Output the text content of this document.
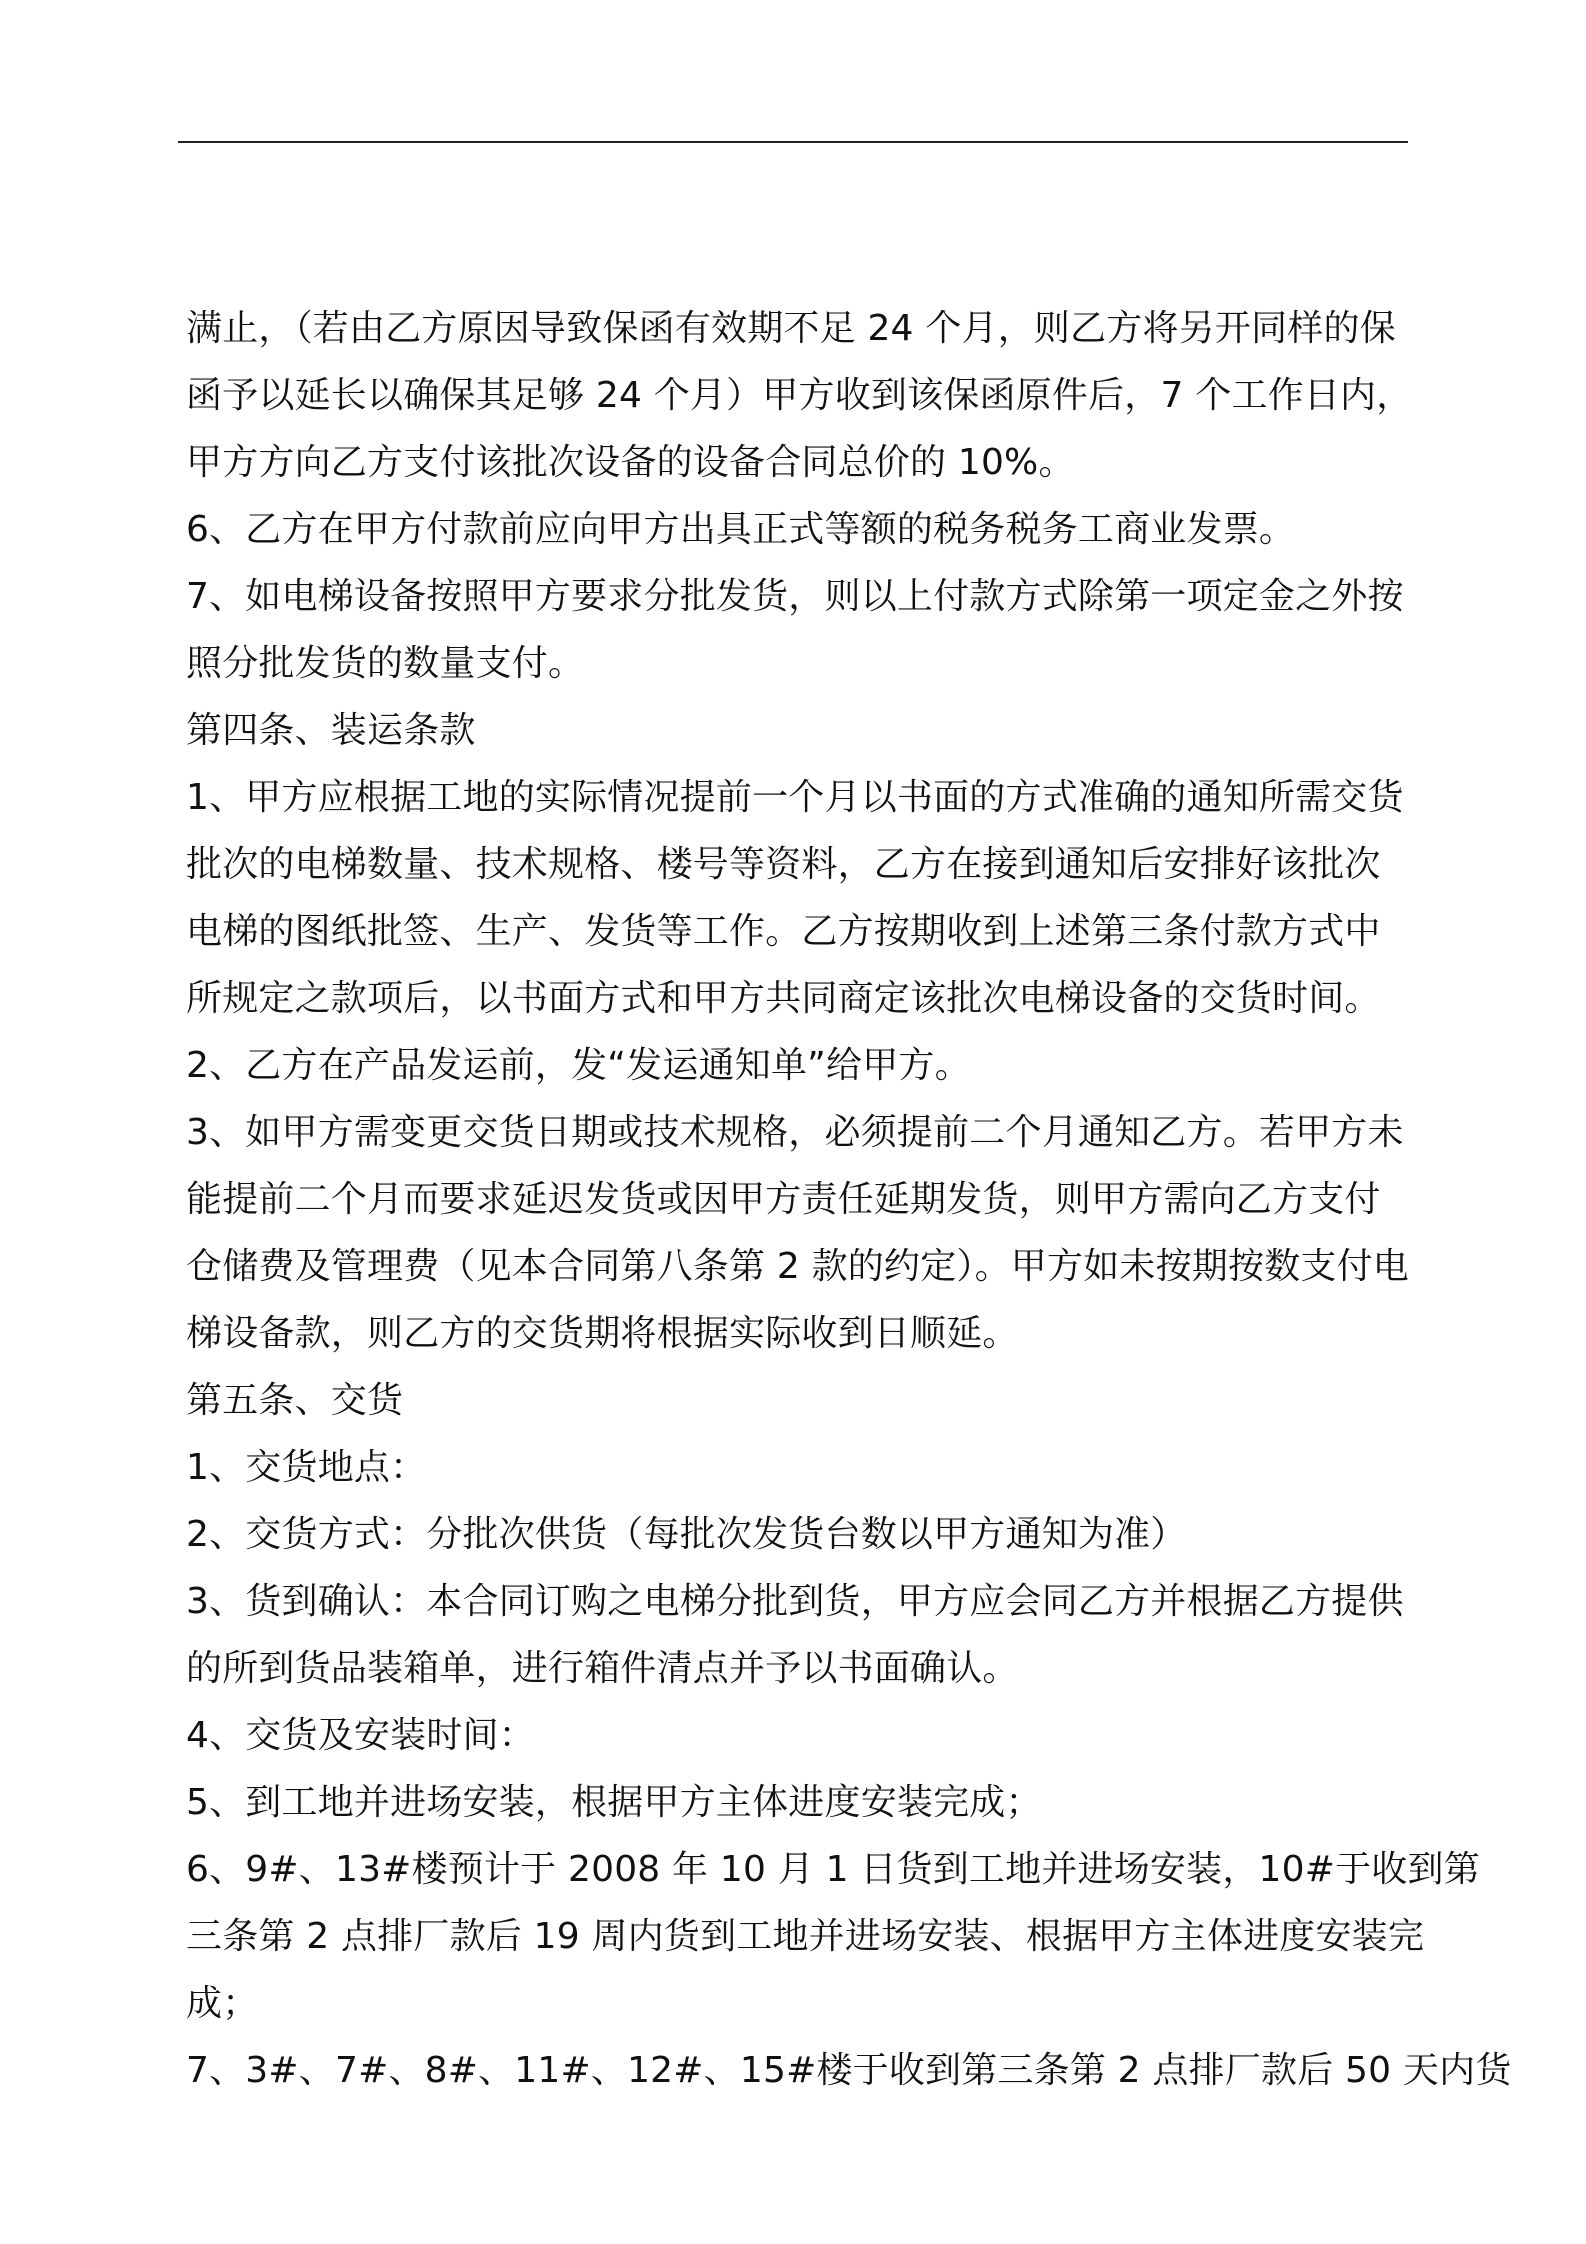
满止，（若由乙方原因导致保函有效期不足 24 个月，则乙方将另开同样的保
函予以延长以确保其足够 24 个月）甲方收到该保函原件后，7 个工作日内，
甲方方向乙方支付该批次设备的设备合同总价的 10%。
6、乙方在甲方付款前应向甲方出具正式等额的税务税务工商业发票。
7、如电梯设备按照甲方要求分批发货，则以上付款方式除第一项定金之外按
照分批发货的数量支付。
第四条、装运条款
1、甲方应根据工地的实际情况提前一个月以书面的方式准确的通知所需交货
批次的电梯数量、技术规格、楼号等资料，乙方在接到通知后安排好该批次
电梯的图纸批签、生产、发货等工作。乙方按期收到上述第三条付款方式中
所规定之款项后，以书面方式和甲方共同商定该批次电梯设备的交货时间。
2、乙方在产品发运前，发“发运通知单”给甲方。
3、如甲方需变更交货日期或技术规格，必须提前二个月通知乙方。若甲方未
能提前二个月而要求延迟发货或因甲方责任延期发货，则甲方需向乙方支付
仓储费及管理费（见本合同第八条第 2 款的约定）。甲方如未按期按数支付电
梯设备款，则乙方的交货期将根据实际收到日顺延。
第五条、交货
1、交货地点：
2、交货方式：分批次供货（每批次发货台数以甲方通知为准）
3、货到确认：本合同订购之电梯分批到货，甲方应会同乙方并根据乙方提供
的所到货品装箱单，进行箱件清点并予以书面确认。
4、交货及安装时间：
5、到工地并进场安装，根据甲方主体进度安装完成；
6、9#、13#楼预计于 2008 年 10 月 1 日货到工地并进场安装，10#于收到第
三条第 2 点排厂款后 19 周内货到工地并进场安装、根据甲方主体进度安装完
成；
7、3#、7#、8#、11#、12#、15#楼于收到第三条第 2 点排厂款后 50 天内货
